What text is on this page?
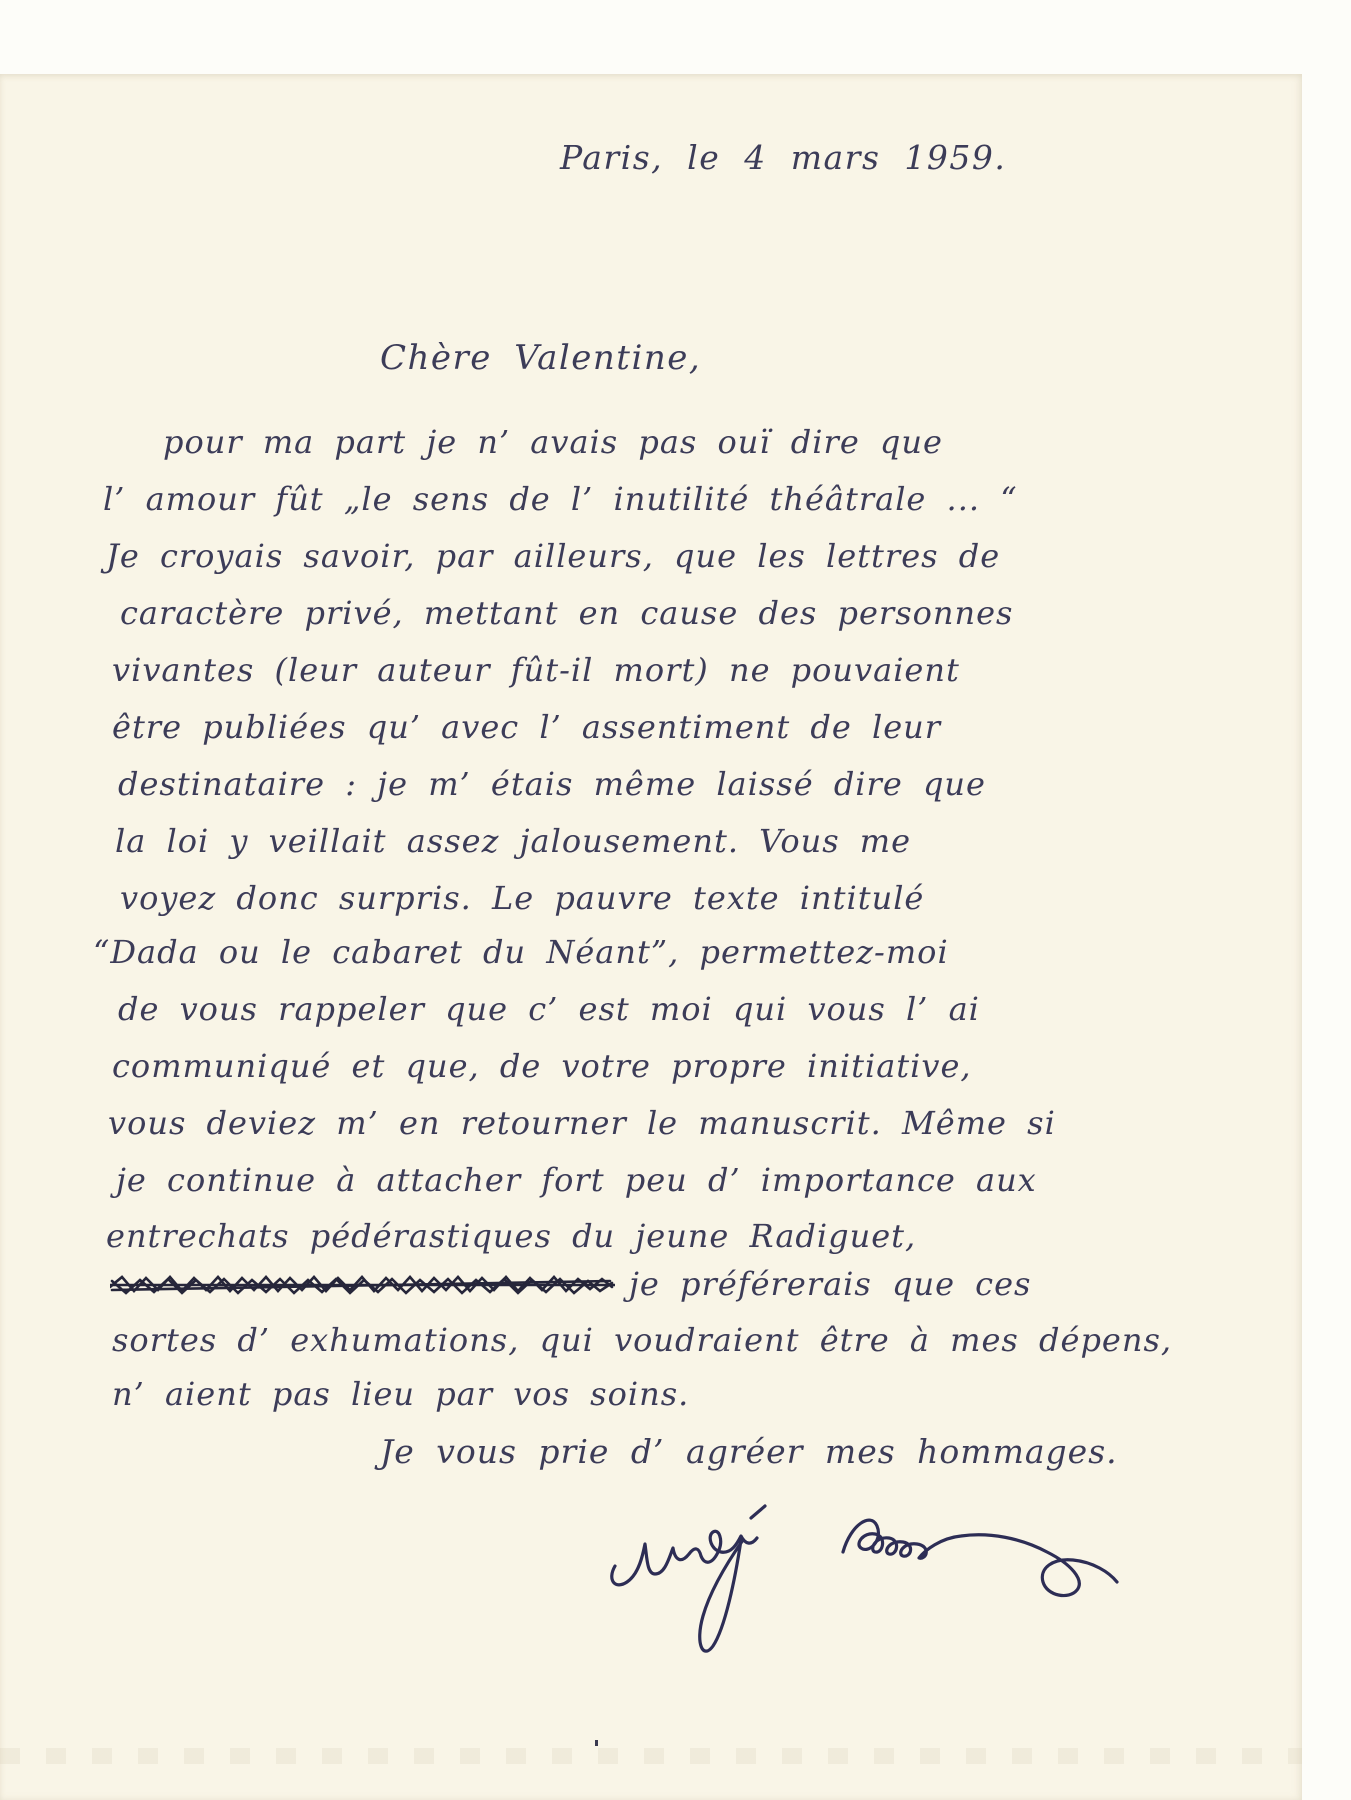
Paris, le 4 mars 1959.
Chère Valentine,
pour ma part je n’ avais pas ouï dire que
l’ amour fût „le sens de l’ inutilité théâtrale ... “
Je croyais savoir, par ailleurs, que les lettres de
caractère privé, mettant en cause des personnes
vivantes (leur auteur fût-il mort) ne pouvaient
être publiées qu’ avec l’ assentiment de leur
destinataire : je m’ étais même laissé dire que
la loi y veillait assez jalousement. Vous me
voyez donc surpris. Le pauvre texte intitulé
“Dada ou le cabaret du Néant”, permettez-moi
de vous rappeler que c’ est moi qui vous l’ ai
communiqué et que, de votre propre initiative,
vous deviez m’ en retourner le manuscrit. Même si
je continue à attacher fort peu d’ importance aux
entrechats pédérastiques du jeune Radiguet,
je préférerais que ces
sortes d’ exhumations, qui voudraient être à mes dépens,
n’ aient pas lieu par vos soins.
Je vous prie d’ agréer mes hommages.
